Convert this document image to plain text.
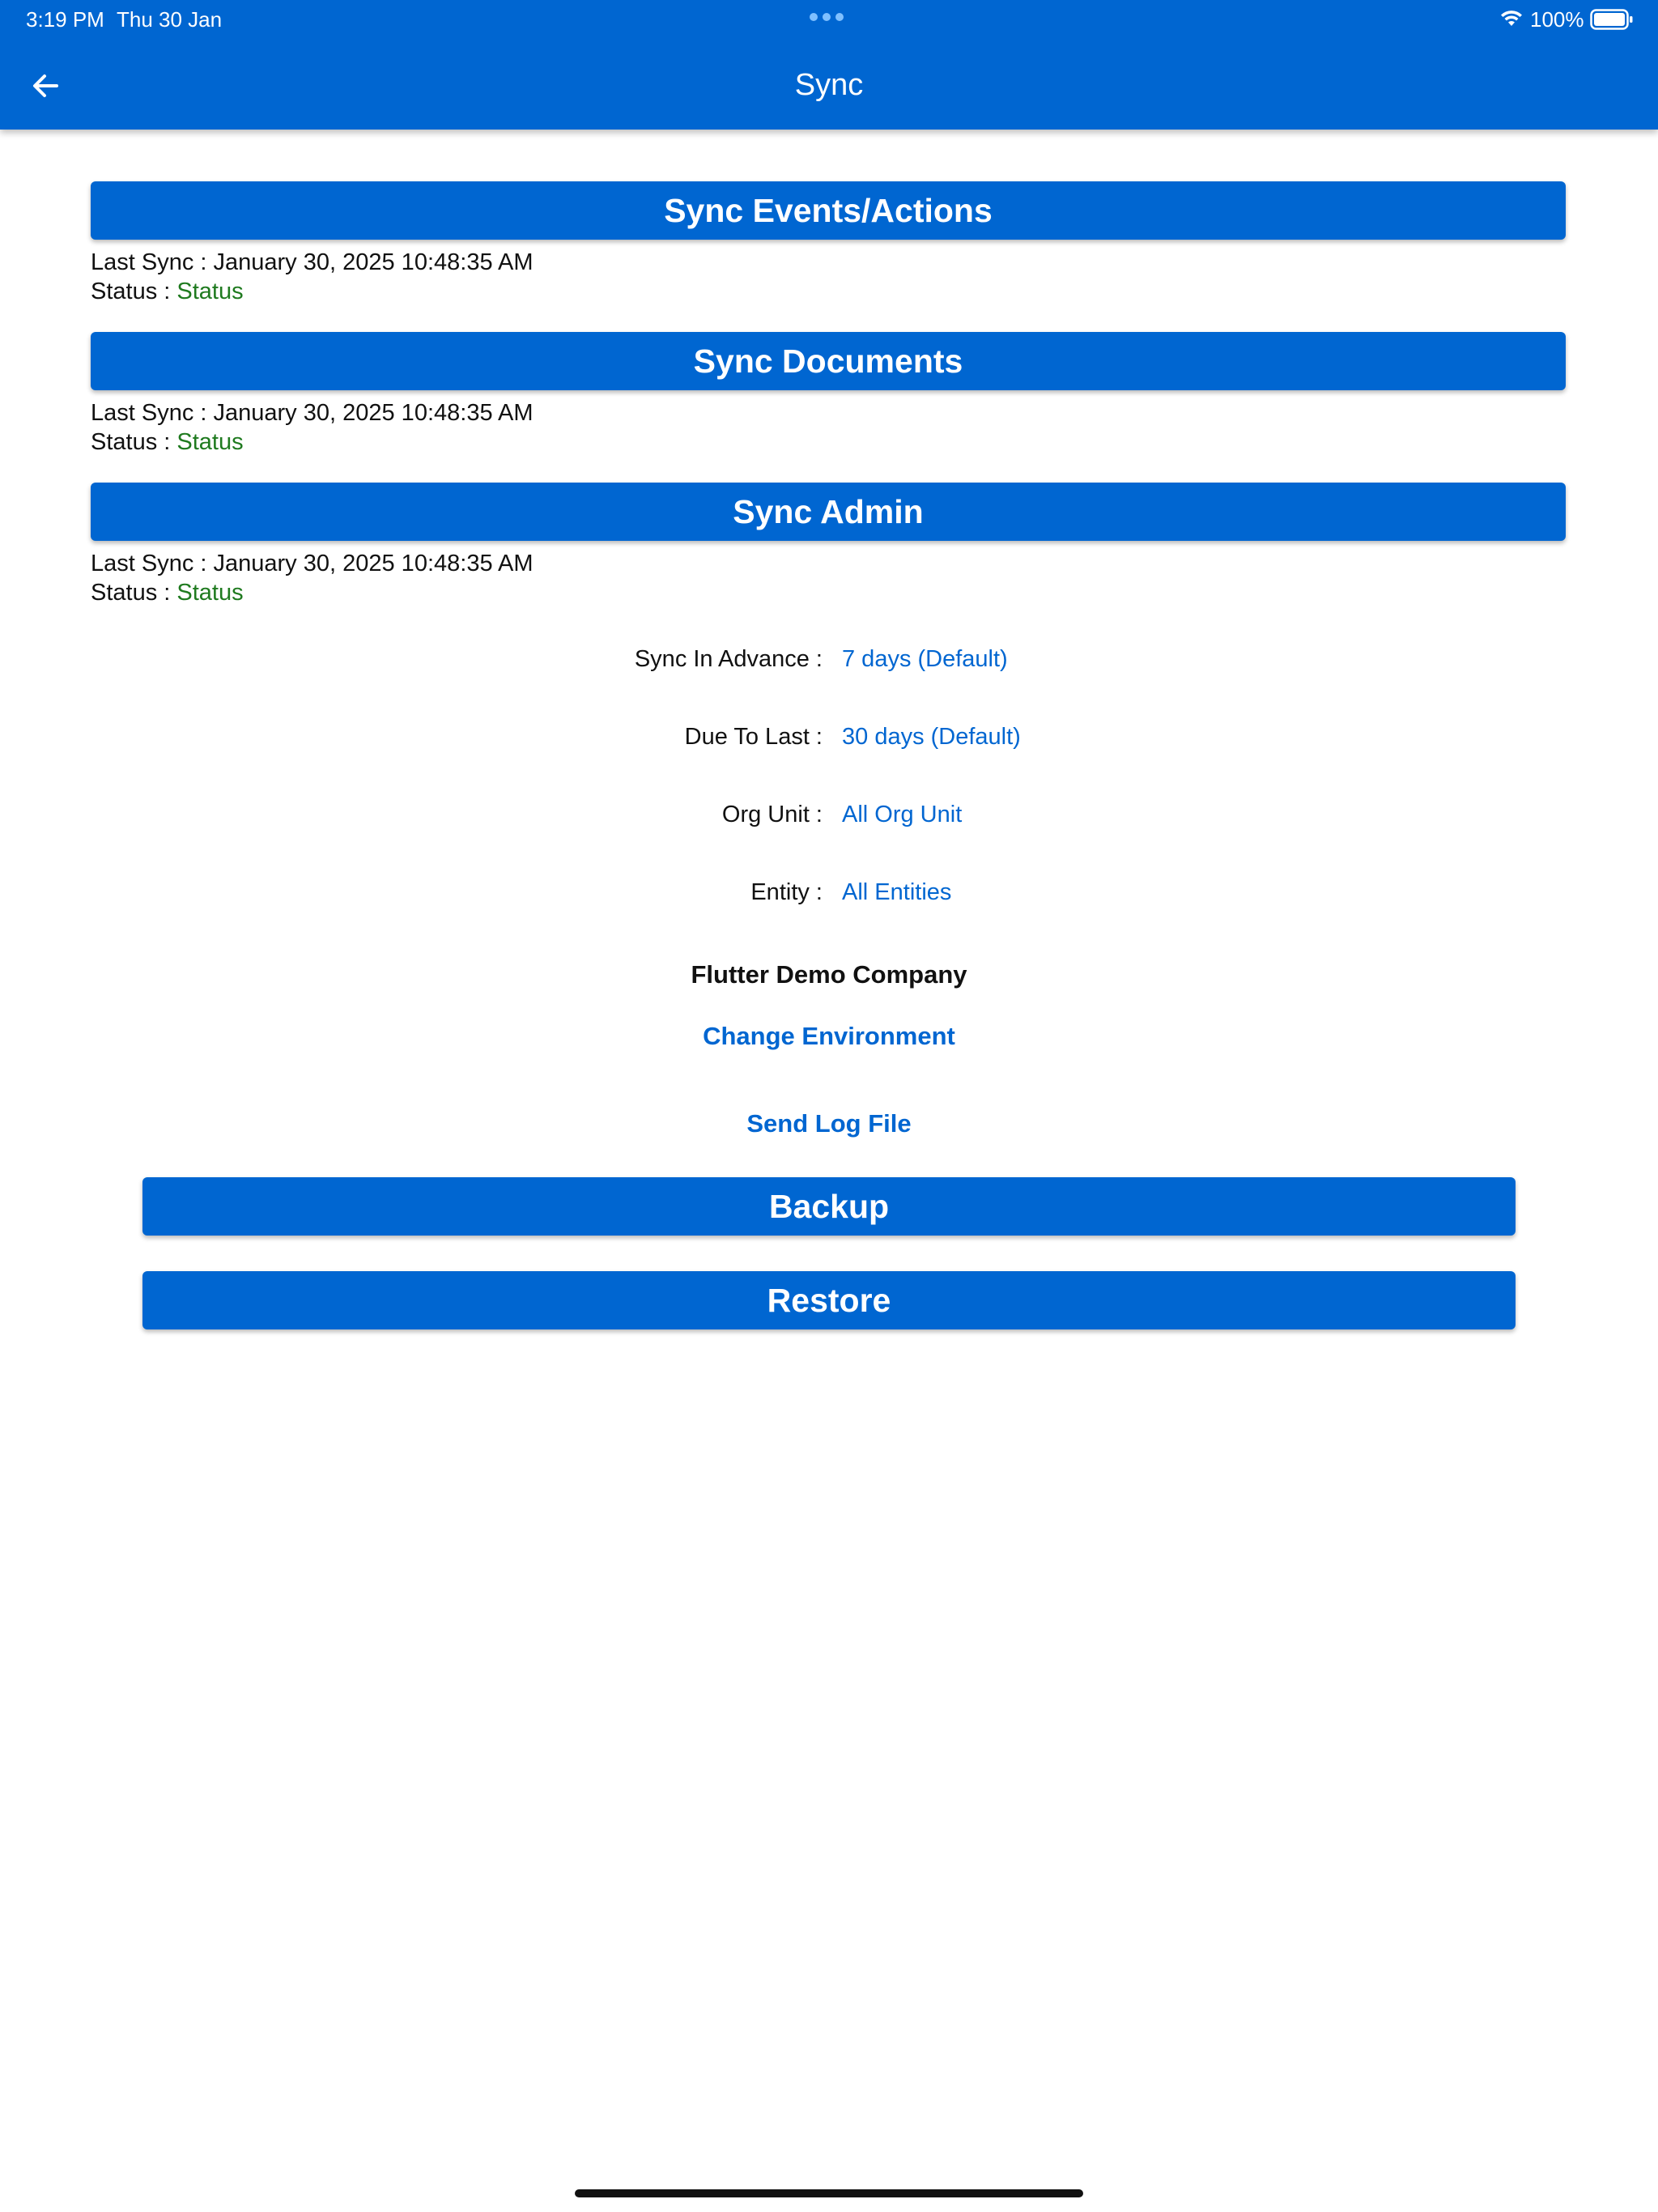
3:19 PM Thu 30 Jan	100%
Sync
Sync Events/Actions
Last Sync : January 30, 2025 10:48:35 AM
Status : Status
Sync Documents
Last Sync : January 30, 2025 10:48:35 AM
Status : Status
Sync Admin
Last Sync : January 30, 2025 10:48:35 AM
Status : Status
Sync In Advance : 7 days (Default)
Due To Last : 30 days (Default)
Org Unit : All Org Unit
Entity : All Entities
Flutter Demo Company
Change Environment
Send Log File
Backup
Restore
